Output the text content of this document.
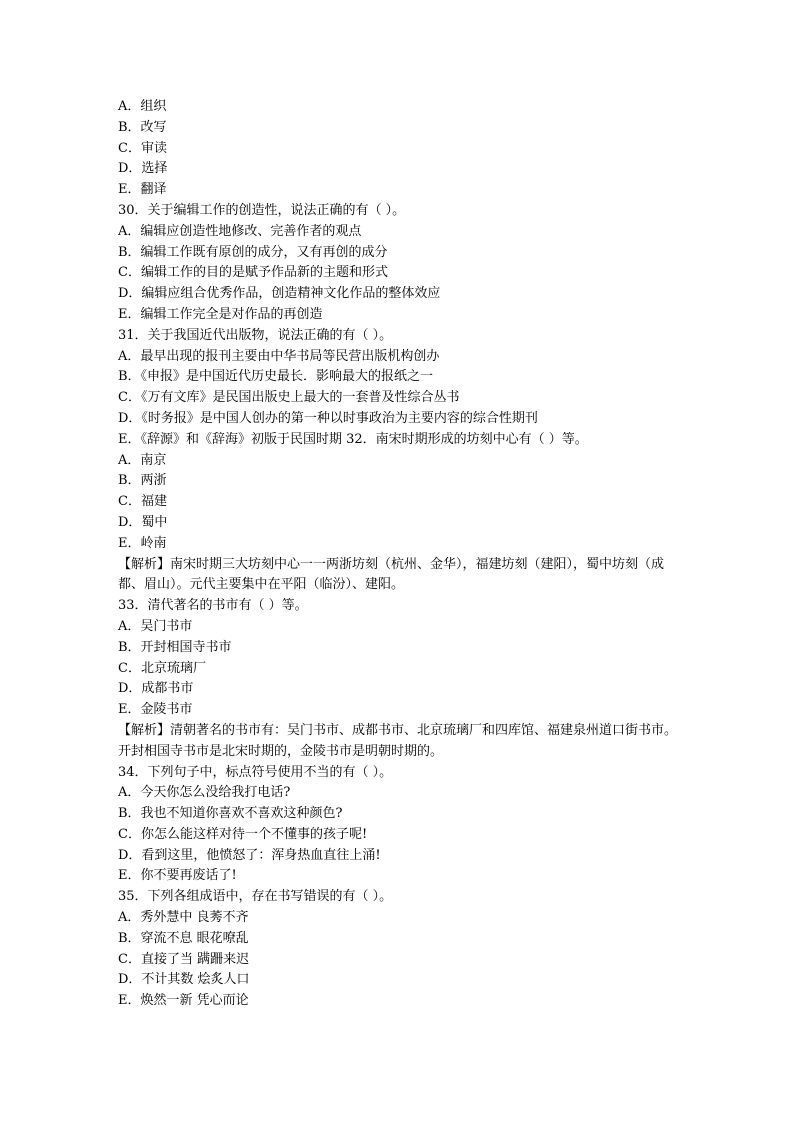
A．组织
B．改写
C．审读
D．选择
E．翻译
30．关于编辑工作的创造性，说法正确的有（ ）。
A．编辑应创造性地修改、完善作者的观点
B．编辑工作既有原创的成分，又有再创的成分
C．编辑工作的目的是赋予作品新的主题和形式
D．编辑应组合优秀作品，创造精神文化作品的整体效应
E．编辑工作完全是对作品的再创造
31．关于我国近代出版物，说法正确的有（ ）。
A．最早出现的报刊主要由中华书局等民营出版机构创办
B．《申报》是中国近代历史最长．影响最大的报纸之一
C．《万有文库》是民国出版史上最大的一套普及性综合丛书
D．《时务报》是中国人创办的第一种以时事政治为主要内容的综合性期刊
E．《辞源》和《辞海》初版于民国时期 32．南宋时期形成的坊刻中心有（ ）等。
A．南京
B．两浙
C．福建
D．蜀中
E．岭南
【解析】南宋时期三大坊刻中心一一两浙坊刻（杭州、金华），福建坊刻（建阳），蜀中坊刻（成都、眉山）。元代主要集中在平阳（临汾）、建阳。
33．清代著名的书市有（ ）等。
A．吴门书市
B．开封相国寺书市
C．北京琉璃厂
D．成都书市
E．金陵书市
【解析】清朝著名的书市有：吴门书市、成都书市、北京琉璃厂和四库馆、福建泉州道口街书市。开封相国寺书市是北宋时期的，金陵书市是明朝时期的。
34．下列句子中，标点符号使用不当的有（ ）。
A．今天你怎么没给我打电话?
B．我也不知道你喜欢不喜欢这种颜色?
C．你怎么能这样对待一个不懂事的孩子呢!
D．看到这里，他愤怒了：浑身热血直往上涌!
E．你不要再废话了!
35．下列各组成语中，存在书写错误的有（ ）。
A．秀外慧中 良莠不齐
B．穿流不息 眼花嘹乱
C．直接了当 蹒跚来迟
D．不计其数 烩炙人口
E．焕然一新 凭心而论
